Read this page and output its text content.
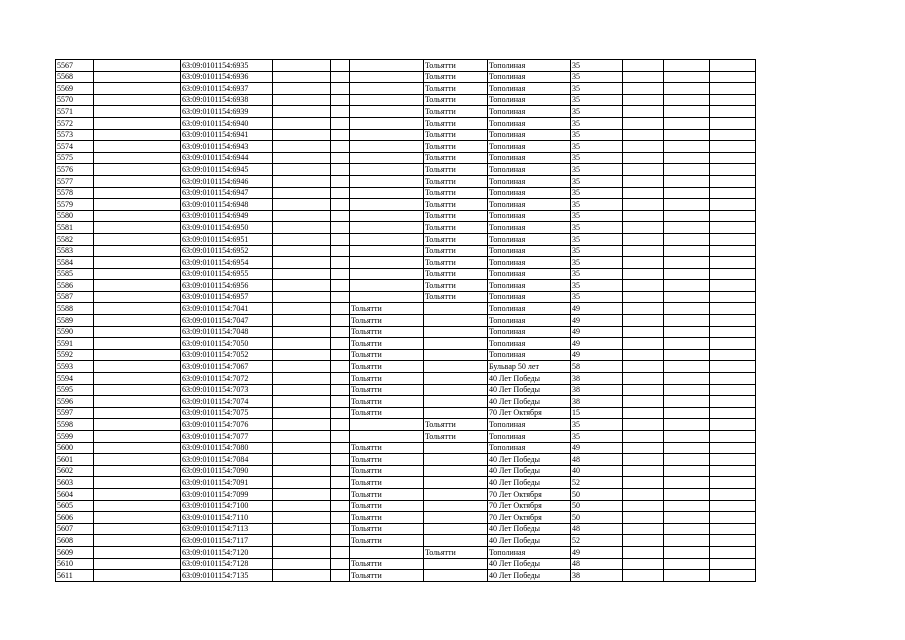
5567		63:09:0101154:6935				Тольятти	Тополиная	35			
5568		63:09:0101154:6936				Тольятти	Тополиная	35			
5569		63:09:0101154:6937				Тольятти	Тополиная	35			
5570		63:09:0101154:6938				Тольятти	Тополиная	35			
5571		63:09:0101154:6939				Тольятти	Тополиная	35			
5572		63:09:0101154:6940				Тольятти	Тополиная	35			
5573		63:09:0101154:6941				Тольятти	Тополиная	35			
5574		63:09:0101154:6943				Тольятти	Тополиная	35			
5575		63:09:0101154:6944				Тольятти	Тополиная	35			
5576		63:09:0101154:6945				Тольятти	Тополиная	35			
5577		63:09:0101154:6946				Тольятти	Тополиная	35			
5578		63:09:0101154:6947				Тольятти	Тополиная	35			
5579		63:09:0101154:6948				Тольятти	Тополиная	35			
5580		63:09:0101154:6949				Тольятти	Тополиная	35			
5581		63:09:0101154:6950				Тольятти	Тополиная	35			
5582		63:09:0101154:6951				Тольятти	Тополиная	35			
5583		63:09:0101154:6952				Тольятти	Тополиная	35			
5584		63:09:0101154:6954				Тольятти	Тополиная	35			
5585		63:09:0101154:6955				Тольятти	Тополиная	35			
5586		63:09:0101154:6956				Тольятти	Тополиная	35			
5587		63:09:0101154:6957				Тольятти	Тополиная	35			
5588		63:09:0101154:7041			Тольятти		Тополиная	49			
5589		63:09:0101154:7047			Тольятти		Тополиная	49			
5590		63:09:0101154:7048			Тольятти		Тополиная	49			
5591		63:09:0101154:7050			Тольятти		Тополиная	49			
5592		63:09:0101154:7052			Тольятти		Тополиная	49			
5593		63:09:0101154:7067			Тольятти		Бульвар 50 лет	58			
5594		63:09:0101154:7072			Тольятти		40 Лет Победы	38			
5595		63:09:0101154:7073			Тольятти		40 Лет Победы	38			
5596		63:09:0101154:7074			Тольятти		40 Лет Победы	38			
5597		63:09:0101154:7075			Тольятти		70 Лет Октября	15			
5598		63:09:0101154:7076				Тольятти	Тополиная	35			
5599		63:09:0101154:7077				Тольятти	Тополиная	35			
5600		63:09:0101154:7080			Тольятти		Тополиная	49			
5601		63:09:0101154:7084			Тольятти		40 Лет Победы	48			
5602		63:09:0101154:7090			Тольятти		40 Лет Победы	40			
5603		63:09:0101154:7091			Тольятти		40 Лет Победы	52			
5604		63:09:0101154:7099			Тольятти		70 Лет Октября	50			
5605		63:09:0101154:7100			Тольятти		70 Лет Октября	50			
5606		63:09:0101154:7110			Тольятти		70 Лет Октября	50			
5607		63:09:0101154:7113			Тольятти		40 Лет Победы	48			
5608		63:09:0101154:7117			Тольятти		40 Лет Победы	52			
5609		63:09:0101154:7120				Тольятти	Тополиная	49			
5610		63:09:0101154:7128			Тольятти		40 Лет Победы	48			
5611		63:09:0101154:7135			Тольятти		40 Лет Победы	38			
